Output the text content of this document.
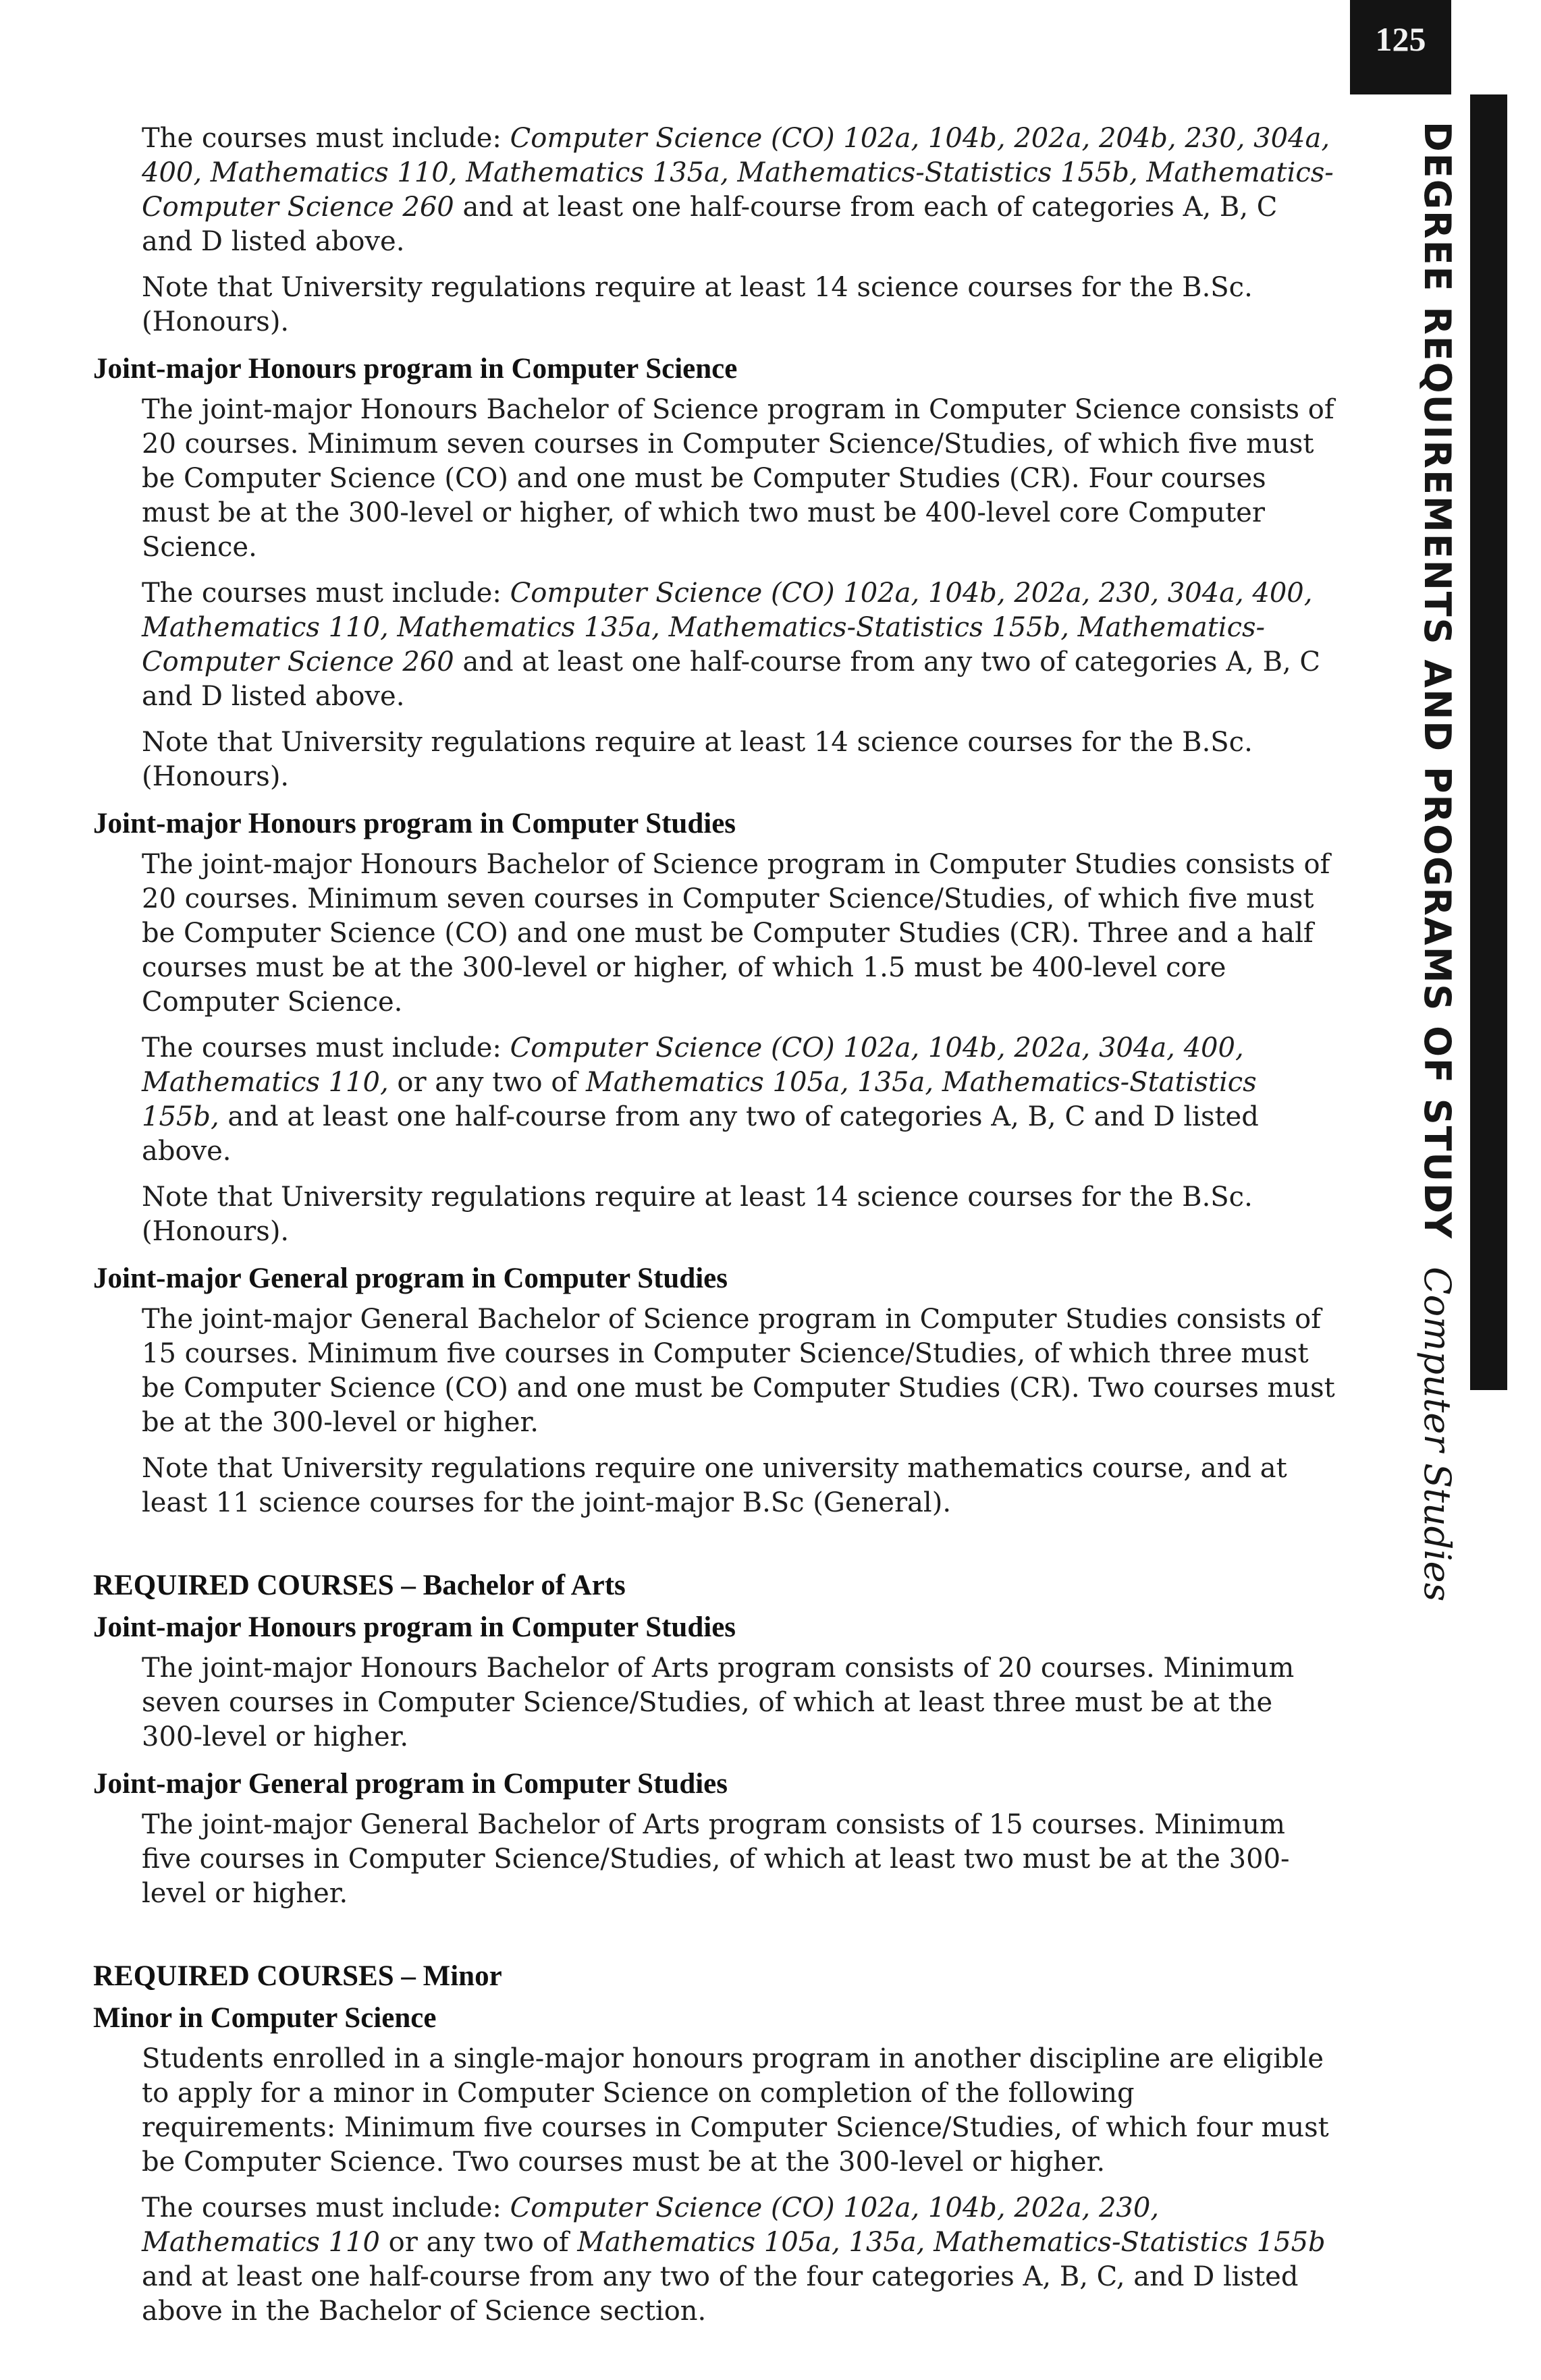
125
DEGREE REQUIREMENTS AND PROGRAMS OF STUDYComputer Studies

The courses must include: Computer Science (CO) 102a, 104b, 202a, 204b, 230, 304a, 400, Mathematics 110, Mathematics 135a, Mathematics-Statistics 155b, Mathematics-Computer Science 260 and at least one half-course from each of categories A, B, C and D listed above.

Note that University regulations require at least 14 science courses for the B.Sc. (Honours).

Joint-major Honours program in Computer Science

The joint-major Honours Bachelor of Science program in Computer Science consists of 20 courses. Minimum seven courses in Computer Science/Studies, of which five must be Computer Science (CO) and one must be Computer Studies (CR). Four courses must be at the 300-level or higher, of which two must be 400-level core Computer Science.

The courses must include: Computer Science (CO) 102a, 104b, 202a, 230, 304a, 400, Mathematics 110, Mathematics 135a, Mathematics-Statistics 155b, Mathematics-Computer Science 260 and at least one half-course from any two of categories A, B, C and D listed above.

Note that University regulations require at least 14 science courses for the B.Sc. (Honours).

Joint-major Honours program in Computer Studies

The joint-major Honours Bachelor of Science program in Computer Studies consists of 20 courses. Minimum seven courses in Computer Science/Studies, of which five must be Computer Science (CO) and one must be Computer Studies (CR). Three and a half courses must be at the 300-level or higher, of which 1.5 must be 400-level core Computer Science.

The courses must include: Computer Science (CO) 102a, 104b, 202a, 304a, 400, Mathematics 110, or any two of Mathematics 105a, 135a, Mathematics-Statistics 155b, and at least one half-course from any two of categories A, B, C and D listed above.

Note that University regulations require at least 14 science courses for the B.Sc. (Honours).

Joint-major General program in Computer Studies

The joint-major General Bachelor of Science program in Computer Studies consists of 15 courses. Minimum five courses in Computer Science/Studies, of which three must be Computer Science (CO) and one must be Computer Studies (CR). Two courses must be at the 300-level or higher.

Note that University regulations require one university mathematics course, and at least 11 science courses for the joint-major B.Sc (General).

REQUIRED COURSES – Bachelor of Arts
Joint-major Honours program in Computer Studies

The joint-major Honours Bachelor of Arts program consists of 20 courses. Minimum seven courses in Computer Science/Studies, of which at least three must be at the 300-level or higher.

Joint-major General program in Computer Studies

The joint-major General Bachelor of Arts program consists of 15 courses. Minimum five courses in Computer Science/Studies, of which at least two must be at the 300-level or higher.

REQUIRED COURSES – Minor
Minor in Computer Science

Students enrolled in a single-major honours program in another discipline are eligible to apply for a minor in Computer Science on completion of the following requirements: Minimum five courses in Computer Science/Studies, of which four must be Computer Science. Two courses must be at the 300-level or higher.

The courses must include: Computer Science (CO) 102a, 104b, 202a, 230, Mathematics 110 or any two of Mathematics 105a, 135a, Mathematics-Statistics 155b and at least one half-course from any two of the four categories A, B, C, and D listed above in the Bachelor of Science section.
